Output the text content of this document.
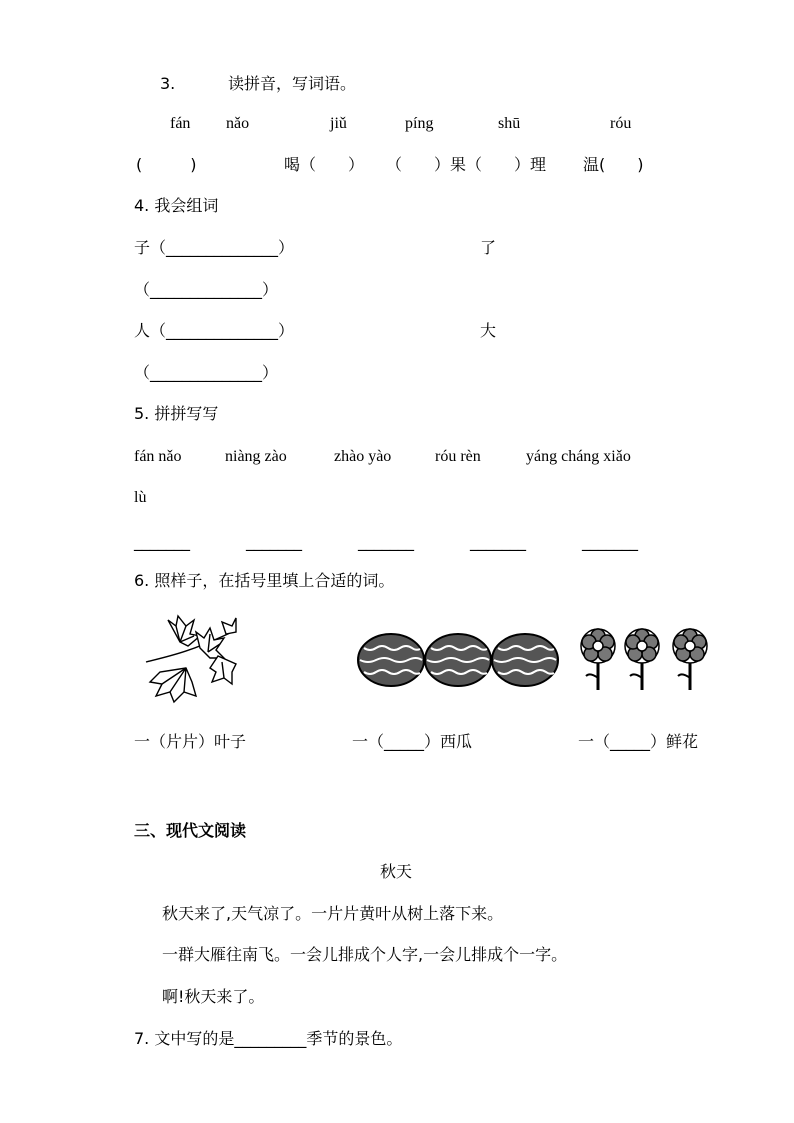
3.	读拼音，写词语。
fán nǎo	jiǔ	píng	shū	róu
(　　　)	喝（　　） （　　）果（　　）理 温(　　)
4. 我会组词
子（______________）	了
（______________）
人（______________）	大
（______________）
5. 拼拼写写
fán nǎo	niàng zào	zhào yào	róu rèn	yáng cháng xiǎo
lù
_______	_______	_______	_______	_______
6. 照样子，在括号里填上合适的词。
一（片片）叶子	一（_____）西瓜	一（_____）鲜花
三、现代文阅读
秋天
秋天来了,天气凉了。一片片黄叶从树上落下来。
一群大雁往南飞。一会儿排成个人字,一会儿排成个一字。
啊!秋天来了。
7. 文中写的是_________季节的景色。
